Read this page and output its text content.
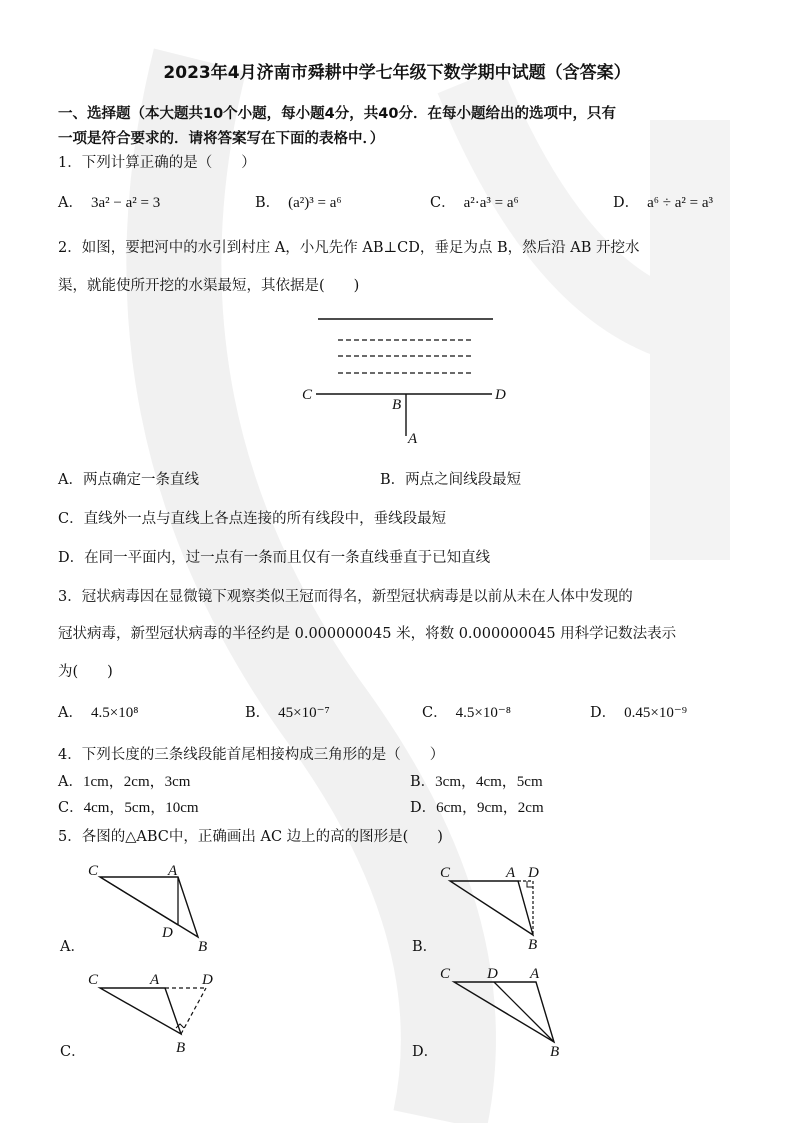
2023年4月济南市舜耕中学七年级下数学期中试题（含答案）
一、选择题（本大题共10个小题，每小题4分，共40分．在每小题给出的选项中，只有
一项是符合要求的．请将答案写在下面的表格中．）
1．下列计算正确的是（　　）
A． 3a² − a² = 3	B． (a²)³ = a⁶	C． a²·a³ = a⁶	D． a⁶ ÷ a² = a³
2．如图，要把河中的水引到村庄 A，小凡先作 AB⊥CD，垂足为点 B，然后沿 AB 开挖水
渠，就能使所开挖的水渠最短，其依据是(　　)
C	D
B
A
A．两点确定一条直线	B．两点之间线段最短
C．直线外一点与直线上各点连接的所有线段中，垂线段最短
D．在同一平面内，过一点有一条而且仅有一条直线垂直于已知直线
3．冠状病毒因在显微镜下观察类似王冠而得名，新型冠状病毒是以前从未在人体中发现的
冠状病毒，新型冠状病毒的半径约是 0.000000045 米，将数 0.000000045 用科学记数法表示
为(　　)
A． 4.5×10⁸	B． 45×10⁻⁷	C． 4.5×10⁻⁸	D． 0.45×10⁻⁹
4．下列长度的三条线段能首尾相接构成三角形的是（　　）
A．1cm，2cm，3cm	B．3cm，4cm，5cm
C．4cm，5cm，10cm	D．6cm，9cm，2cm
5．各图的△ABC中，正确画出 AC 边上的高的图形是(　　)
C	A
D
B
A．
C	A D
B
B．
C	A	D
B
C．
C D A
B
D．
